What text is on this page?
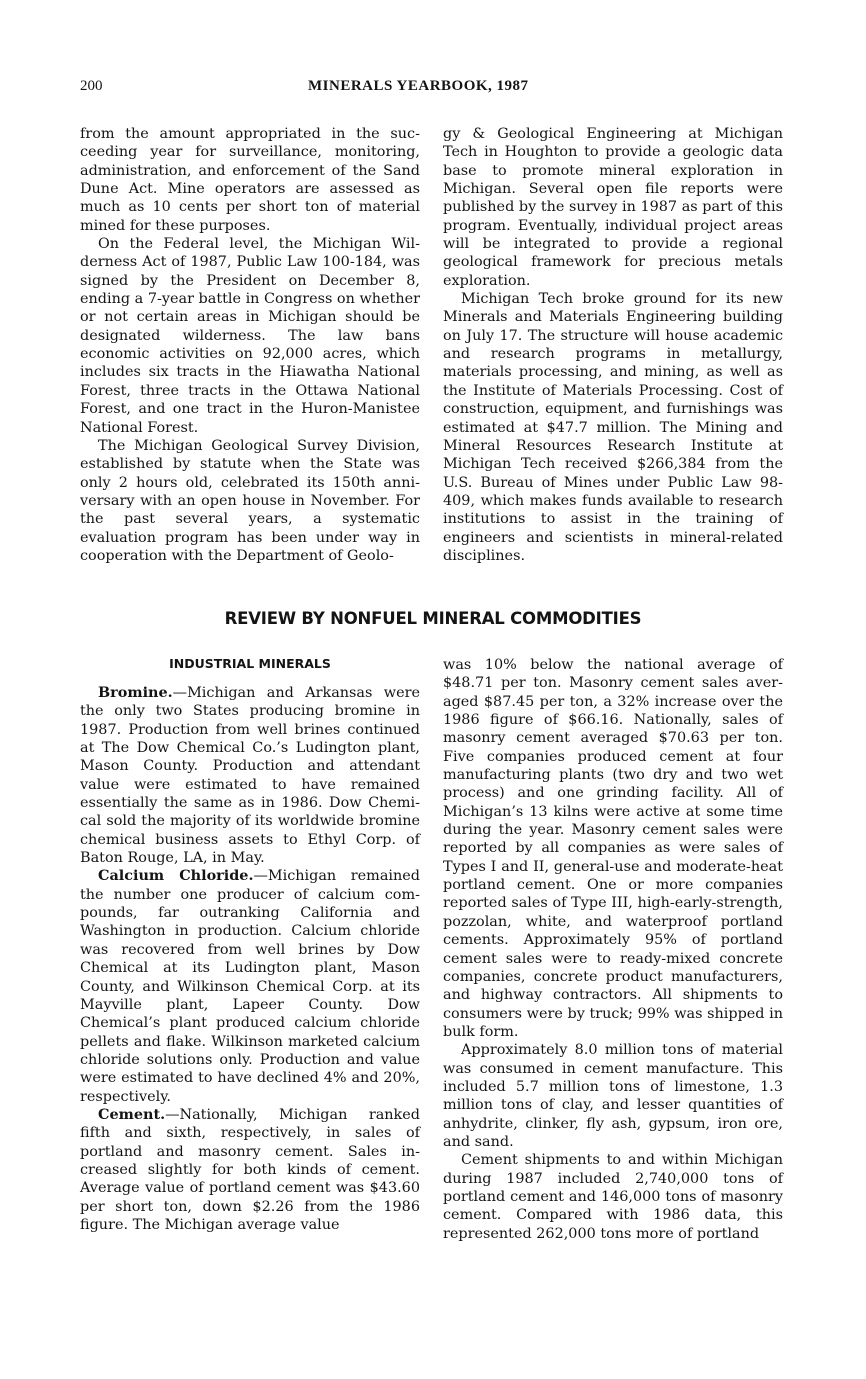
200	MINERALS YEARBOOK, 1987

from the amount appropriated in the succeeding year for surveillance, monitoring, administration, and enforcement of the Sand Dune Act. Mine operators are assessed as much as 10 cents per short ton of material mined for these purposes.

On the Federal level, the Michigan Wilderness Act of 1987, Public Law 100-184, was signed by the President on December 8, ending a 7-year battle in Congress on whether or not certain areas in Michigan should be designated wilderness. The law bans economic activities on 92,000 acres, which includes six tracts in the Hiawatha National Forest, three tracts in the Ottawa National Forest, and one tract in the Huron-Manistee National Forest.

The Michigan Geological Survey Division, established by statute when the State was only 2 hours old, celebrated its 150th anniversary with an open house in November. For the past several years, a systematic evaluation program has been under way in cooperation with the Department of Geolo-

gy & Geological Engineering at Michigan Tech in Houghton to provide a geologic data base to promote mineral exploration in Michigan. Several open file reports were published by the survey in 1987 as part of this program. Eventually, individual project areas will be integrated to provide a regional geological framework for precious metals exploration.

Michigan Tech broke ground for its new Minerals and Materials Engineering building on July 17. The structure will house academic and research programs in metallurgy, materials processing, and mining, as well as the Institute of Materials Processing. Cost of construction, equipment, and furnishings was estimated at $47.7 million. The Mining and Mineral Resources Research Institute at Michigan Tech received $266,384 from the U.S. Bureau of Mines under Public Law 98-409, which makes funds available to research institutions to assist in the training of engineers and scientists in mineral-related disciplines.

REVIEW BY NONFUEL MINERAL COMMODITIES
INDUSTRIAL MINERALS

Bromine.—Michigan and Arkansas were the only two States producing bromine in 1987. Production from well brines continued at The Dow Chemical Co.’s Ludington plant, Mason County. Production and attendant value were estimated to have remained essentially the same as in 1986. Dow Chemical sold the majority of its worldwide bromine chemical business assets to Ethyl Corp. of Baton Rouge, LA, in May.

Calcium Chloride.—Michigan remained the number one producer of calcium compounds, far outranking California and Washington in production. Calcium chloride was recovered from well brines by Dow Chemical at its Ludington plant, Mason County, and Wilkinson Chemical Corp. at its Mayville plant, Lapeer County. Dow Chemical’s plant produced calcium chloride pellets and flake. Wilkinson marketed calcium chloride solutions only. Production and value were estimated to have declined 4% and 20%, respectively.

Cement.—Nationally, Michigan ranked fifth and sixth, respectively, in sales of portland and masonry cement. Sales increased slightly for both kinds of cement. Average value of portland cement was $43.60 per short ton, down $2.26 from the 1986 figure. The Michigan average value

was 10% below the national average of $48.71 per ton. Masonry cement sales averaged $87.45 per ton, a 32% increase over the 1986 figure of $66.16. Nationally, sales of masonry cement averaged $70.63 per ton. Five companies produced cement at four manufacturing plants (two dry and two wet process) and one grinding facility. All of Michigan’s 13 kilns were active at some time during the year. Masonry cement sales were reported by all companies as were sales of Types I and II, general-use and moderate-heat portland cement. One or more companies reported sales of Type III, high-early-strength, pozzolan, white, and waterproof portland cements. Approximately 95% of portland cement sales were to ready-mixed concrete companies, concrete product manufacturers, and highway contractors. All shipments to consumers were by truck; 99% was shipped in bulk form.

Approximately 8.0 million tons of material was consumed in cement manufacture. This included 5.7 million tons of limestone, 1.3 million tons of clay, and lesser quantities of anhydrite, clinker, fly ash, gypsum, iron ore, and sand.

Cement shipments to and within Michigan during 1987 included 2,740,000 tons of portland cement and 146,000 tons of masonry cement. Compared with 1986 data, this represented 262,000 tons more of portland
